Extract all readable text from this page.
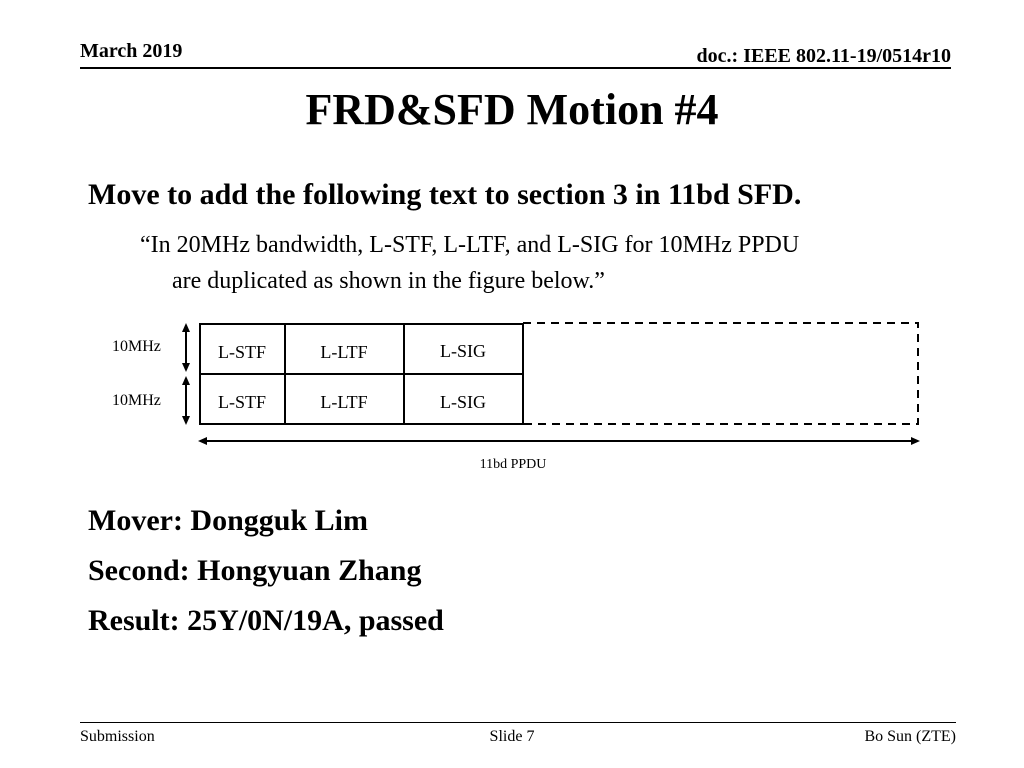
March 2019	doc.: IEEE 802.11-19/0514r10
FRD&SFD Motion #4
Move to add the following text to section 3 in 11bd SFD.
“In 20MHz bandwidth, L-STF, L-LTF, and L-SIG for 10MHz PPDU
are duplicated as shown in the figure below.”
10MHz
10MHz
L-STF	L-LTF	L-SIG
L-STF	L-LTF	L-SIG
11bd PPDU
Mover: Dongguk Lim
Second: Hongyuan Zhang
Result: 25Y/0N/19A, passed
Submission	Slide 7	Bo Sun (ZTE)
